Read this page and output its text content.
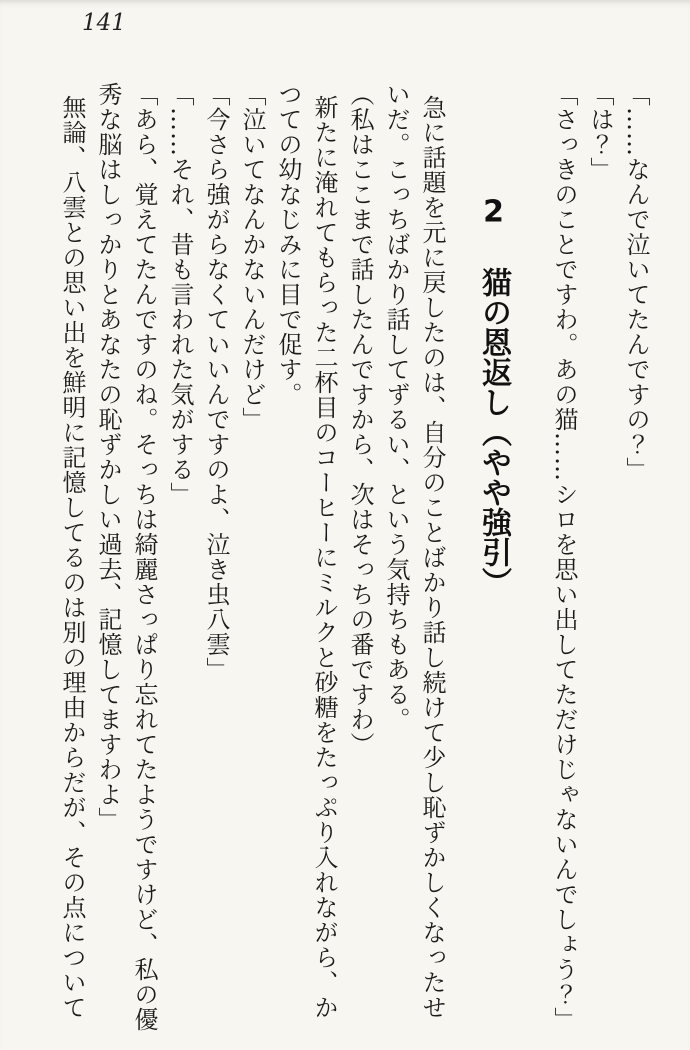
141

「……なんで泣いてたんですの？」

「は？」

「さっきのことですわ。あの猫……シロを思い出してただけじゃないんでしょう？」

2 猫の恩返し（やや強引）

急に話題を元に戻したのは、自分のことばかり話し続けて少し恥ずかしくなったせいだ。こっちばかり話してずるい、という気持ちもある。

（私はここまで話したんですから、次はそっちの番ですわ）

新たに淹れてもらった二杯目のコーヒーにミルクと砂糖をたっぷり入れながら、かつての幼なじみに目で促す。

「泣いてなんかないんだけど」

「今さら強がらなくていいんですのよ、泣き虫八雲」

「……それ、昔も言われた気がする」

「あら、覚えてたんですのね。そっちは綺麗さっぱり忘れてたようですけど、私の優秀な脳はしっかりとあなたの恥ずかしい過去、記憶してますわよ」

無論、八雲との思い出を鮮明に記憶してるのは別の理由からだが、その点について
